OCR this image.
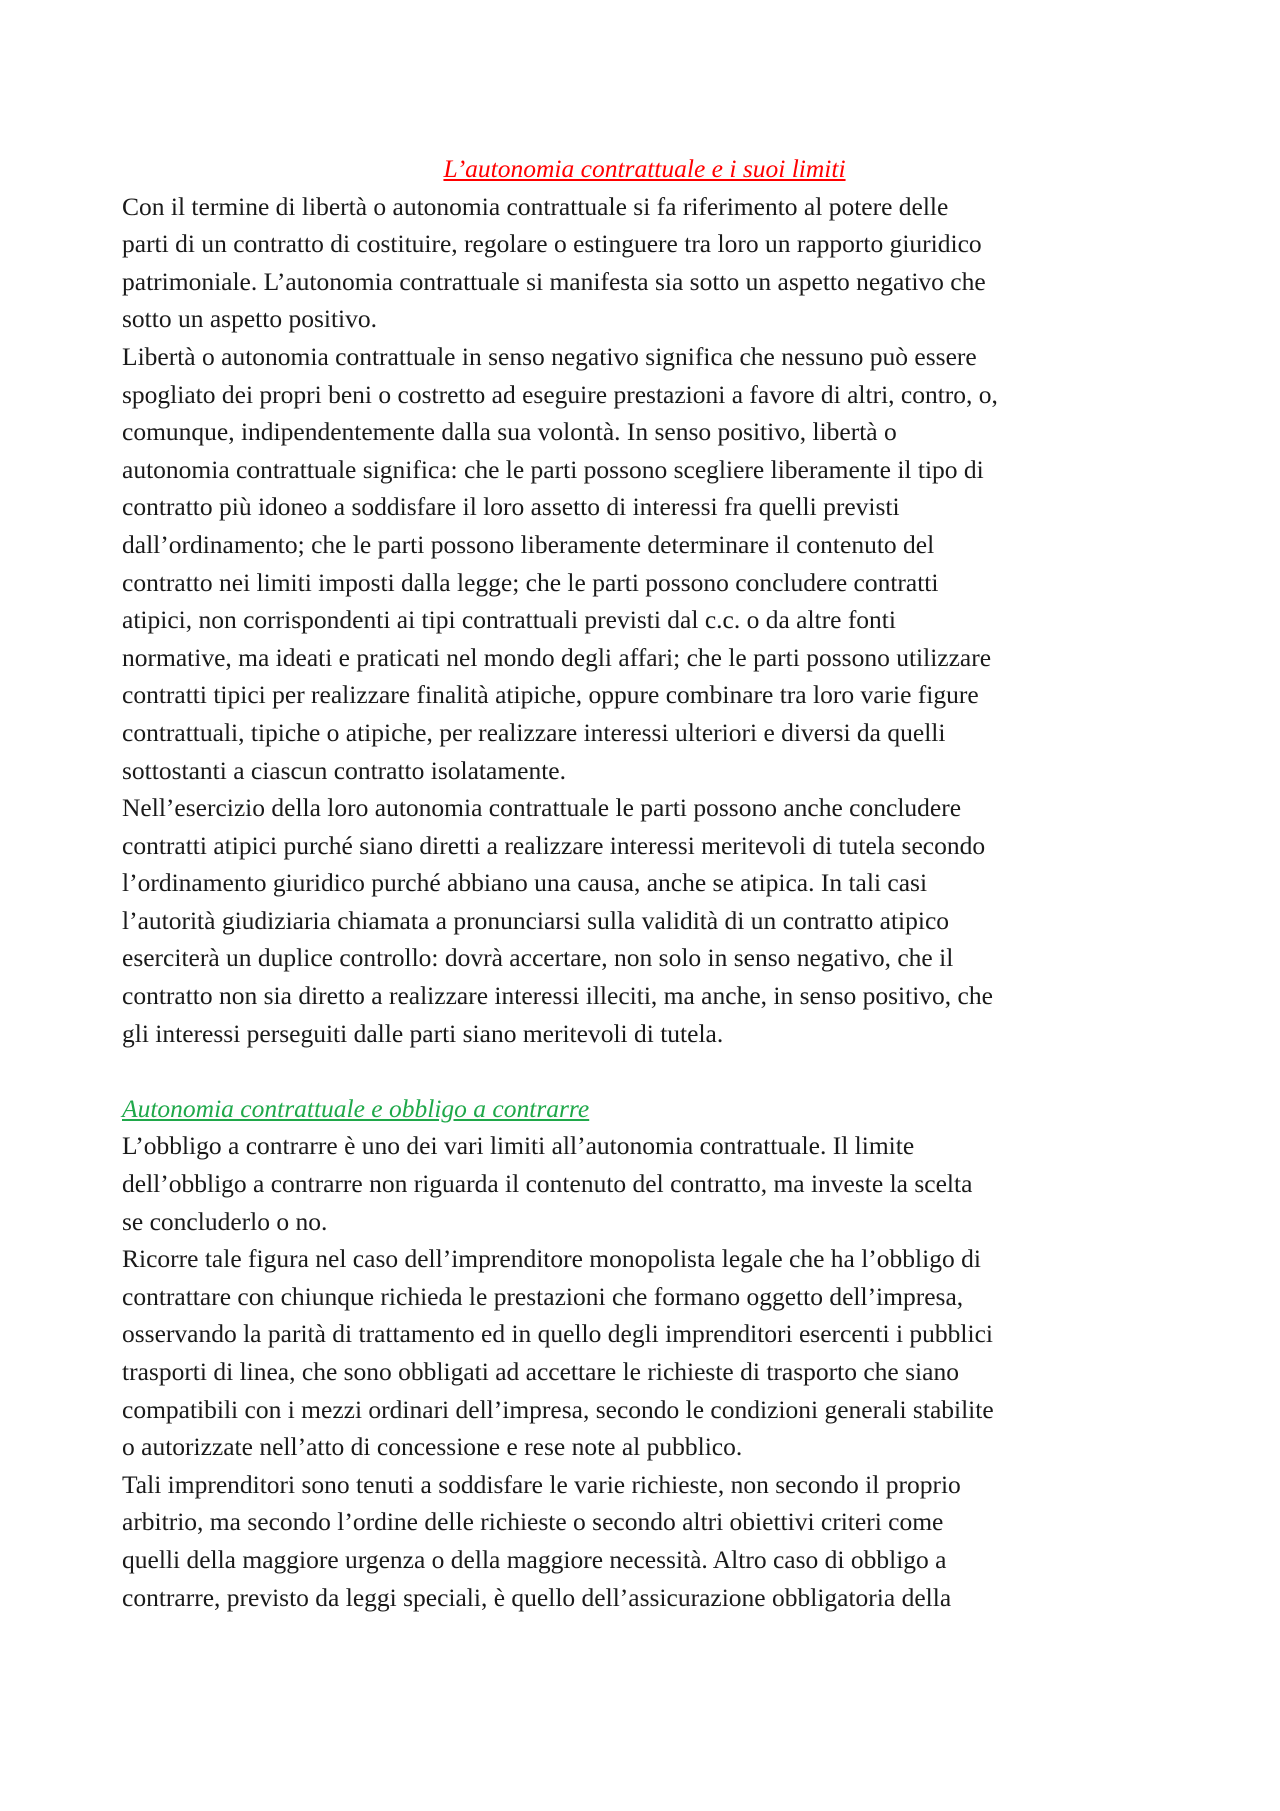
L’autonomia contrattuale e i suoi limiti
Con il termine di libertà o autonomia contrattuale si fa riferimento al potere delle
parti di un contratto di costituire, regolare o estinguere tra loro un rapporto giuridico
patrimoniale. L’autonomia contrattuale si manifesta sia sotto un aspetto negativo che
sotto un aspetto positivo.
Libertà o autonomia contrattuale in senso negativo significa che nessuno può essere
spogliato dei propri beni o costretto ad eseguire prestazioni a favore di altri, contro, o,
comunque, indipendentemente dalla sua volontà. In senso positivo, libertà o
autonomia contrattuale significa: che le parti possono scegliere liberamente il tipo di
contratto più idoneo a soddisfare il loro assetto di interessi fra quelli previsti
dall’ordinamento; che le parti possono liberamente determinare il contenuto del
contratto nei limiti imposti dalla legge; che le parti possono concludere contratti
atipici, non corrispondenti ai tipi contrattuali previsti dal c.c. o da altre fonti
normative, ma ideati e praticati nel mondo degli affari; che le parti possono utilizzare
contratti tipici per realizzare finalità atipiche, oppure combinare tra loro varie figure
contrattuali, tipiche o atipiche, per realizzare interessi ulteriori e diversi da quelli
sottostanti a ciascun contratto isolatamente.
Nell’esercizio della loro autonomia contrattuale le parti possono anche concludere
contratti atipici purché siano diretti a realizzare interessi meritevoli di tutela secondo
l’ordinamento giuridico purché abbiano una causa, anche se atipica. In tali casi
l’autorità giudiziaria chiamata a pronunciarsi sulla validità di un contratto atipico
eserciterà un duplice controllo: dovrà accertare, non solo in senso negativo, che il
contratto non sia diretto a realizzare interessi illeciti, ma anche, in senso positivo, che
gli interessi perseguiti dalle parti siano meritevoli di tutela.
Autonomia contrattuale e obbligo a contrarre
L’obbligo a contrarre è uno dei vari limiti all’autonomia contrattuale. Il limite
dell’obbligo a contrarre non riguarda il contenuto del contratto, ma investe la scelta
se concluderlo o no.
Ricorre tale figura nel caso dell’imprenditore monopolista legale che ha l’obbligo di
contrattare con chiunque richieda le prestazioni che formano oggetto dell’impresa,
osservando la parità di trattamento ed in quello degli imprenditori esercenti i pubblici
trasporti di linea, che sono obbligati ad accettare le richieste di trasporto che siano
compatibili con i mezzi ordinari dell’impresa, secondo le condizioni generali stabilite
o autorizzate nell’atto di concessione e rese note al pubblico.
Tali imprenditori sono tenuti a soddisfare le varie richieste, non secondo il proprio
arbitrio, ma secondo l’ordine delle richieste o secondo altri obiettivi criteri come
quelli della maggiore urgenza o della maggiore necessità. Altro caso di obbligo a
contrarre, previsto da leggi speciali, è quello dell’assicurazione obbligatoria della
